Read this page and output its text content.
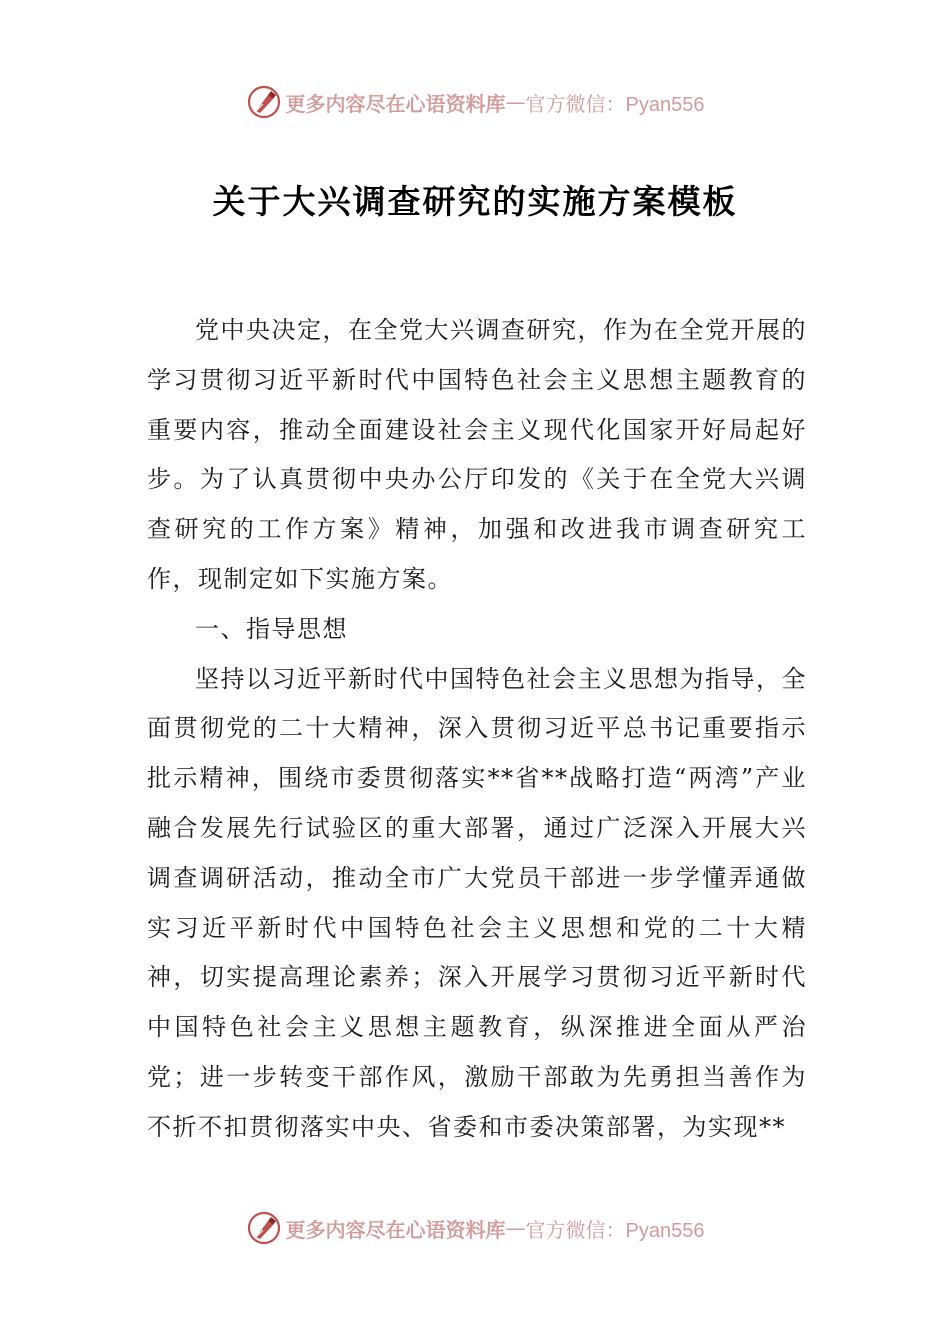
更多内容尽在心语资料库 — 官方微信：Pyan556
关于大兴调查研究的实施方案模板

党中央决定，在全党大兴调查研究，作为在全党开展的学习贯彻习近平新时代中国特色社会主义思想主题教育的重要内容，推动全面建设社会主义现代化国家开好局起好步。为了认真贯彻中央办公厅印发的《关于在全党大兴调查研究的工作方案》精神，加强和改进我市调查研究工作，现制定如下实施方案。

一、指导思想

坚持以习近平新时代中国特色社会主义思想为指导，全面贯彻党的二十大精神，深入贯彻习近平总书记重要指示批示精神，围绕市委贯彻落实**省**战略打造“两湾”产业融合发展先行试验区的重大部署，通过广泛深入开展大兴调查调研活动，推动全市广大党员干部进一步学懂弄通做实习近平新时代中国特色社会主义思想和党的二十大精神，切实提高理论素养；深入开展学习贯彻习近平新时代中国特色社会主义思想主题教育，纵深推进全面从严治党；进一步转变干部作风，激励干部敢为先勇担当善作为不折不扣贯彻落实中央、省委和市委决策部署，为实现**

更多内容尽在心语资料库 — 官方微信：Pyan556
